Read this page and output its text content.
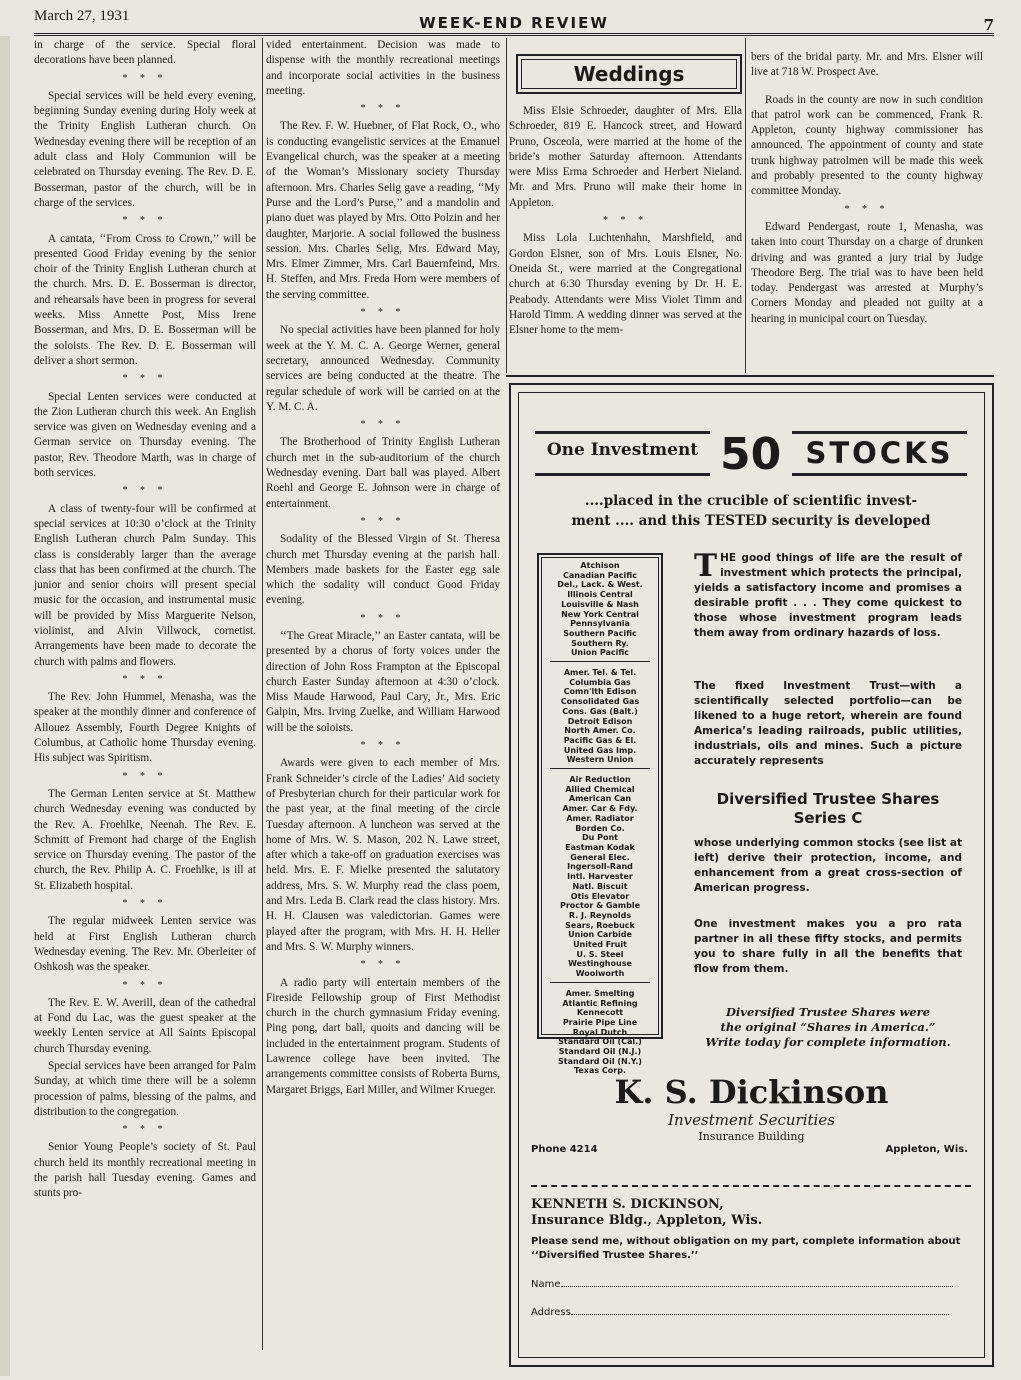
March 27, 1931	WEEK-END REVIEW	7

in charge of the service. Special floral decorations have been planned.

* * *

Special services will be held every evening, beginning Sunday evening during Holy week at the Trinity English Lutheran church. On Wednesday evening there will be reception of an adult class and Holy Communion will be celebrated on Thursday evening. The Rev. D. E. Bosserman, pastor of the church, will be in charge of the services.

* * *

A cantata, ‘‘From Cross to Crown,’’ will be presented Good Friday evening by the senior choir of the Trinity English Lutheran church at the church. Mrs. D. E. Bosserman is director, and rehearsals have been in progress for several weeks. Miss Annette Post, Miss Irene Bosserman, and Mrs. D. E. Bosserman will be the soloists. The Rev. D. E. Bosserman will deliver a short sermon.

* * *

Special Lenten services were conducted at the Zion Lutheran church this week. An English service was given on Wednesday evening and a German service on Thursday evening. The pastor, Rev. Theodore Marth, was in charge of both services.

* * *

A class of twenty-four will be confirmed at special services at 10:30 o’clock at the Trinity English Lutheran church Palm Sunday. This class is considerably larger than the average class that has been confirmed at the church. The junior and senior choirs will present special music for the occasion, and instrumental music will be provided by Miss Marguerite Nelson, violinist, and Alvin Villwock, cornetist. Arrangements have been made to decorate the church with palms and flowers.

* * *

The Rev. John Hummel, Menasha, was the speaker at the monthly dinner and conference of Allouez Assembly, Fourth Degree Knights of Columbus, at Catholic home Thursday evening. His subject was Spiritism.

* * *

The German Lenten service at St. Matthew church Wednesday evening was conducted by the Rev. A. Froehlke, Neenah. The Rev. E. Schmitt of Fremont had charge of the English service on Thursday evening. The pastor of the church, the Rev. Philip A. C. Froehlke, is ill at St. Elizabeth hospital.

* * *

The regular midweek Lenten service was held at First English Lutheran church Wednesday evening. The Rev. Mr. Oberleiter of Oshkosh was the speaker.

* * *

The Rev. E. W. Averill, dean of the cathedral at Fond du Lac, was the guest speaker at the weekly Lenten service at All Saints Episcopal church Thursday evening.

Special services have been arranged for Palm Sunday, at which time there will be a solemn procession of palms, blessing of the palms, and distribution to the congregation.

* * *

Senior Young People’s society of St. Paul church held its monthly recreational meeting in the parish hall Tuesday evening. Games and stunts pro-

vided entertainment. Decision was made to dispense with the monthly recreational meetings and incorporate social activities in the business meeting.

* * *

The Rev. F. W. Huebner, of Flat Rock, O., who is conducting evangelistic services at the Emanuel Evangelical church, was the speaker at a meeting of the Woman’s Missionary society Thursday afternoon. Mrs. Charles Selig gave a reading, ‘‘My Purse and the Lord’s Purse,’’ and a mandolin and piano duet was played by Mrs. Otto Polzin and her daughter, Marjorie. A social followed the business session. Mrs. Charles Selig, Mrs. Edward May, Mrs. Elmer Zimmer, Mrs. Carl Bauernfeind, Mrs. H. Steffen, and Mrs. Freda Horn were members of the serving committee.

* * *

No special activities have been planned for holy week at the Y. M. C. A. George Werner, general secretary, announced Wednesday. Community services are being conducted at the theatre. The regular schedule of work will be carried on at the Y. M. C. A.

* * *

The Brotherhood of Trinity English Lutheran church met in the sub-auditorium of the church Wednesday evening. Dart ball was played. Albert Roehl and George E. Johnson were in charge of entertainment.

* * *

Sodality of the Blessed Virgin of St. Theresa church met Thursday evening at the parish hall. Members made baskets for the Easter egg sale which the sodality will conduct Good Friday evening.

* * *

‘‘The Great Miracle,’’ an Easter cantata, will be presented by a chorus of forty voices under the direction of John Ross Frampton at the Episcopal church Easter Sunday afternoon at 4:30 o’clock. Miss Maude Harwood, Paul Cary, Jr., Mrs. Eric Galpin, Mrs. Irving Zuelke, and William Harwood will be the soloists.

* * *

Awards were given to each member of Mrs. Frank Schneider’s circle of the Ladies’ Aid society of Presbyterian church for their particular work for the past year, at the final meeting of the circle Tuesday afternoon. A luncheon was served at the home of Mrs. W. S. Mason, 202 N. Lawe street, after which a take-off on graduation exercises was held. Mrs. E. F. Mielke presented the salutatory address, Mrs. S. W. Murphy read the class poem, and Mrs. Leda B. Clark read the class history. Mrs. H. H. Clausen was valedictorian. Games were played after the program, with Mrs. H. H. Heller and Mrs. S. W. Murphy winners.

* * *

A radio party will entertain members of the Fireside Fellowship group of First Methodist church in the church gymnasium Friday evening. Ping pong, dart ball, quoits and dancing will be included in the entertainment program. Students of Lawrence college have been invited. The arrangements committee consists of Roberta Burns, Margaret Briggs, Earl Miller, and Wilmer Krueger.

Weddings

Miss Elsie Schroeder, daughter of Mrs. Ella Schroeder, 819 E. Hancock street, and Howard Pruno, Osceola, were married at the home of the bride’s mother Saturday afternoon. Attendants were Miss Erma Schroeder and Herbert Nieland. Mr. and Mrs. Pruno will make their home in Appleton.

* * *

Miss Lola Luchtenhahn, Marshfield, and Gordon Elsner, son of Mrs. Louis Elsner, No. Oneida St., were married at the Congregational church at 6:30 Thursday evening by Dr. H. E. Peabody. Attendants were Miss Violet Timm and Harold Timm. A wedding dinner was served at the Elsner home to the mem-

bers of the bridal party. Mr. and Mrs. Elsner will live at 718 W. Prospect Ave.

Roads in the county are now in such condition that patrol work can be commenced, Frank R. Appleton, county highway commissioner has announced. The appointment of county and state trunk highway patrolmen will be made this week and probably presented to the county highway committee Monday.

* * *

Edward Pendergast, route 1, Menasha, was taken into court Thursday on a charge of drunken driving and was granted a jury trial by Judge Theodore Berg. The trial was to have been held today. Pendergast was arrested at Murphy’s Corners Monday and pleaded not guilty at a hearing in municipal court on Tuesday.

One Investment 50 STOCKS
....placed in the crucible of scientific invest-
ment .... and this TESTED security is developed
Atchison
Canadian Pacific
Del., Lack. & West.
Illinois Central
Louisville & Nash
New York Central
Pennsylvania
Southern Pacific
Southern Ry.
Union Pacific
Amer. Tel. & Tel.
Columbia Gas
Comn'lth Edison
Consolidated Gas
Cons. Gas (Balt.)
Detroit Edison
North Amer. Co.
Pacific Gas & El.
United Gas Imp.
Western Union
Air Reduction
Allied Chemical
American Can
Amer. Car & Fdy.
Amer. Radiator
Borden Co.
Du Pont
Eastman Kodak
General Elec.
Ingersoll-Rand
Intl. Harvester
Natl. Biscuit
Otis Elevator
Proctor & Gamble
R. J. Reynolds
Sears, Roebuck
Union Carbide
United Fruit
U. S. Steel
Westinghouse
Woolworth
Amer. Smelting
Atlantic Refining
Kennecott
Prairie Pipe Line
Royal Dutch
Standard Oil (Cal.)
Standard Oil (N.J.)
Standard Oil (N.Y.)
Texas Corp.
THE good things of life are the result of investment which protects the principal, yields a satisfactory income and promises a desirable profit . . . They come quickest to those whose investment program leads them away from ordinary hazards of loss.
The fixed Investment Trust—with a scientifically selected portfolio—can be likened to a huge retort, wherein are found America’s leading railroads, public utilities, industrials, oils and mines. Such a picture accurately represents
Diversified Trustee Shares
Series C
whose underlying common stocks (see list at left) derive their protection, income, and enhancement from a great cross-section of American progress.
One investment makes you a pro rata partner in all these fifty stocks, and permits you to share fully in all the benefits that flow from them.
Diversified Trustee Shares were
the original “Shares in America.”
Write today for complete information.
K. S. Dickinson
Investment Securities
Insurance Building
Phone 4214	Appleton, Wis.
KENNETH S. DICKINSON,
Insurance Bldg., Appleton, Wis.
Please send me, without obligation on my part, complete information about ‘‘Diversified Trustee Shares.’’
Name
Address
